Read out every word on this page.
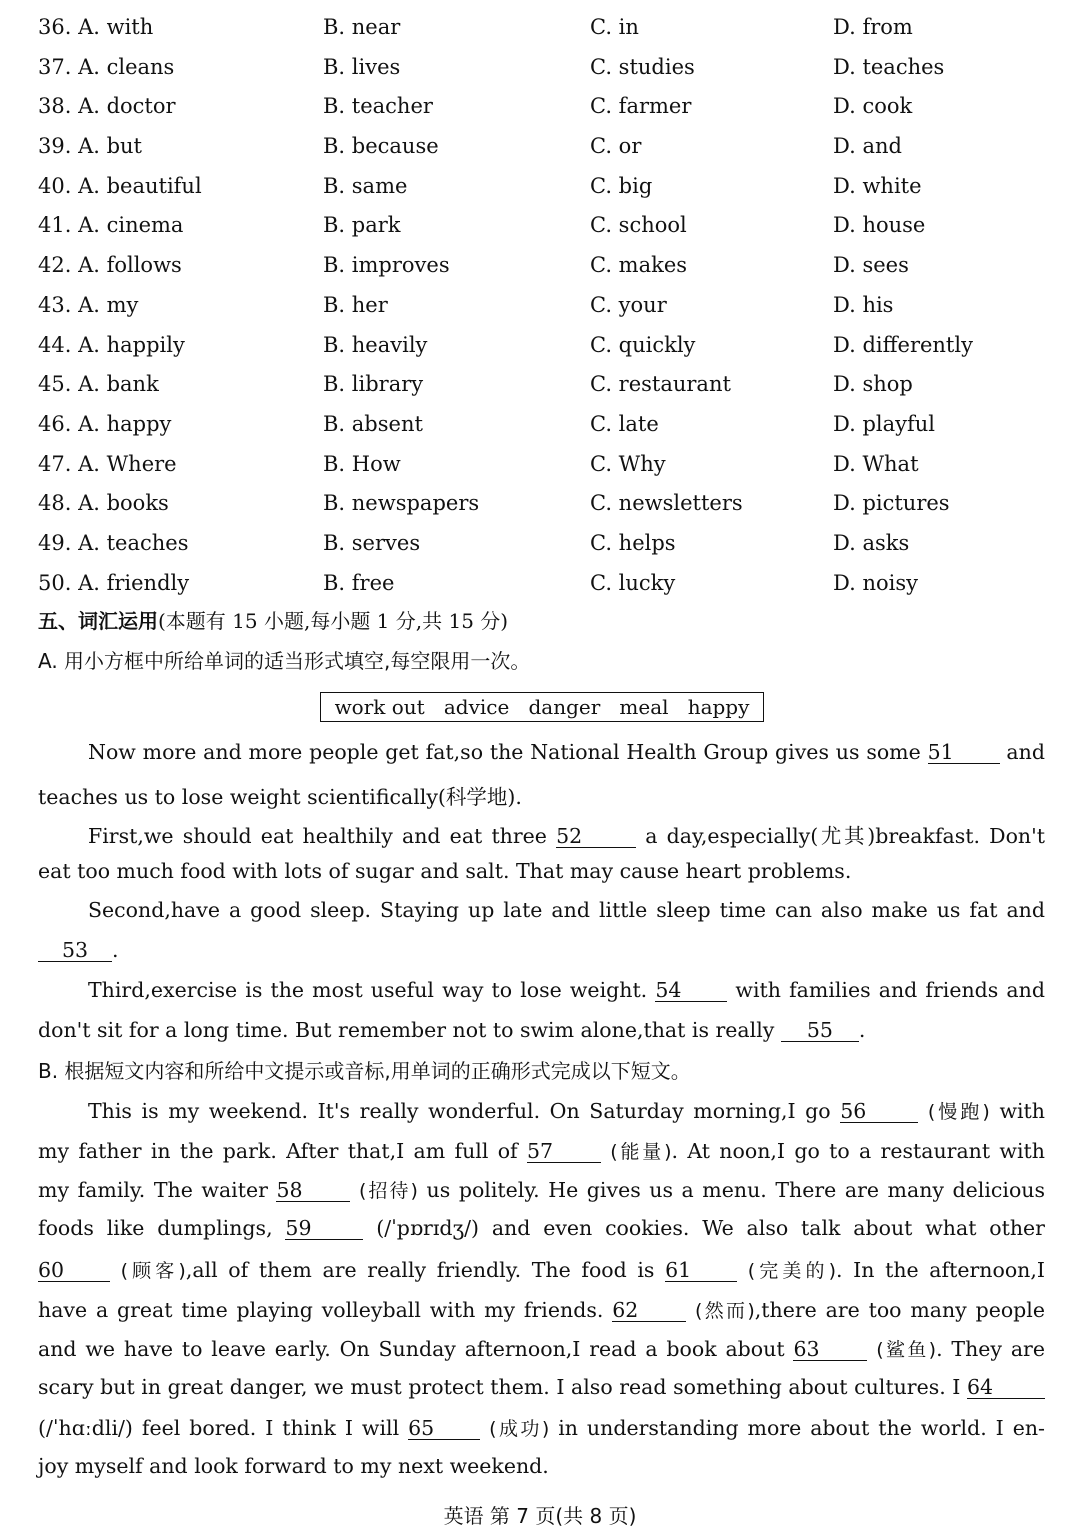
36. A. with	B. near	C. in	D. from
37. A. cleans	B. lives	C. studies	D. teaches
38. A. doctor	B. teacher	C. farmer	D. cook
39. A. but	B. because	C. or	D. and
40. A. beautiful	B. same	C. big	D. white
41. A. cinema	B. park	C. school	D. house
42. A. follows	B. improves	C. makes	D. sees
43. A. my	B. her	C. your	D. his
44. A. happily	B. heavily	C. quickly	D. differently
45. A. bank	B. library	C. restaurant	D. shop
46. A. happy	B. absent	C. late	D. playful
47. A. Where	B. How	C. Why	D. What
48. A. books	B. newspapers	C. newsletters	D. pictures
49. A. teaches	B. serves	C. helps	D. asks
50. A. friendly	B. free	C. lucky	D. noisy
五、词汇运用(本题有 15 小题,每小题 1 分,共 15 分)
A. 用小方框中所给单词的适当形式填空,每空限用一次。
work out advice danger meal happy
Now more and more people get fat,so the National Health Group gives us some 51	and
teaches us to lose weight scientifically(科学地).
First,we should eat healthily and eat three 52	a day,especially(尤其)breakfast. Don't
eat too much food with lots of sugar and salt. That may cause heart problems.
Second,have a good sleep. Staying up late and little sleep time can also make us fat and
53 .
Third,exercise is the most useful way to lose weight. 54	with families and friends and
don't sit for a long time. But remember not to swim alone,that is really 55 .
B. 根据短文内容和所给中文提示或音标,用单词的正确形式完成以下短文。
This is my weekend. It's really wonderful. On Saturday morning,I go 56	(慢跑) with
my father in the park. After that,I am full of 57	(能量). At noon,I go to a restaurant with
my family. The waiter 58	(招待) us politely. He gives us a menu. There are many delicious
foods like dumplings, 59	(/ˈpɒrɪdʒ/) and even cookies. We also talk about what other
60	(顾客),all of them are really friendly. The food is 61	(完美的). In the afternoon,I
have a great time playing volleyball with my friends. 62	(然而),there are too many people
and we have to leave early. On Sunday afternoon,I read a book about 63	(鲨鱼). They are
scary but in great danger, we must protect them. I also read something about cultures. I 64
(/ˈhɑːdli/) feel bored. I think I will 65	(成功) in understanding more about the world. I en-
joy myself and look forward to my next weekend.
英语 第 7 页(共 8 页)
